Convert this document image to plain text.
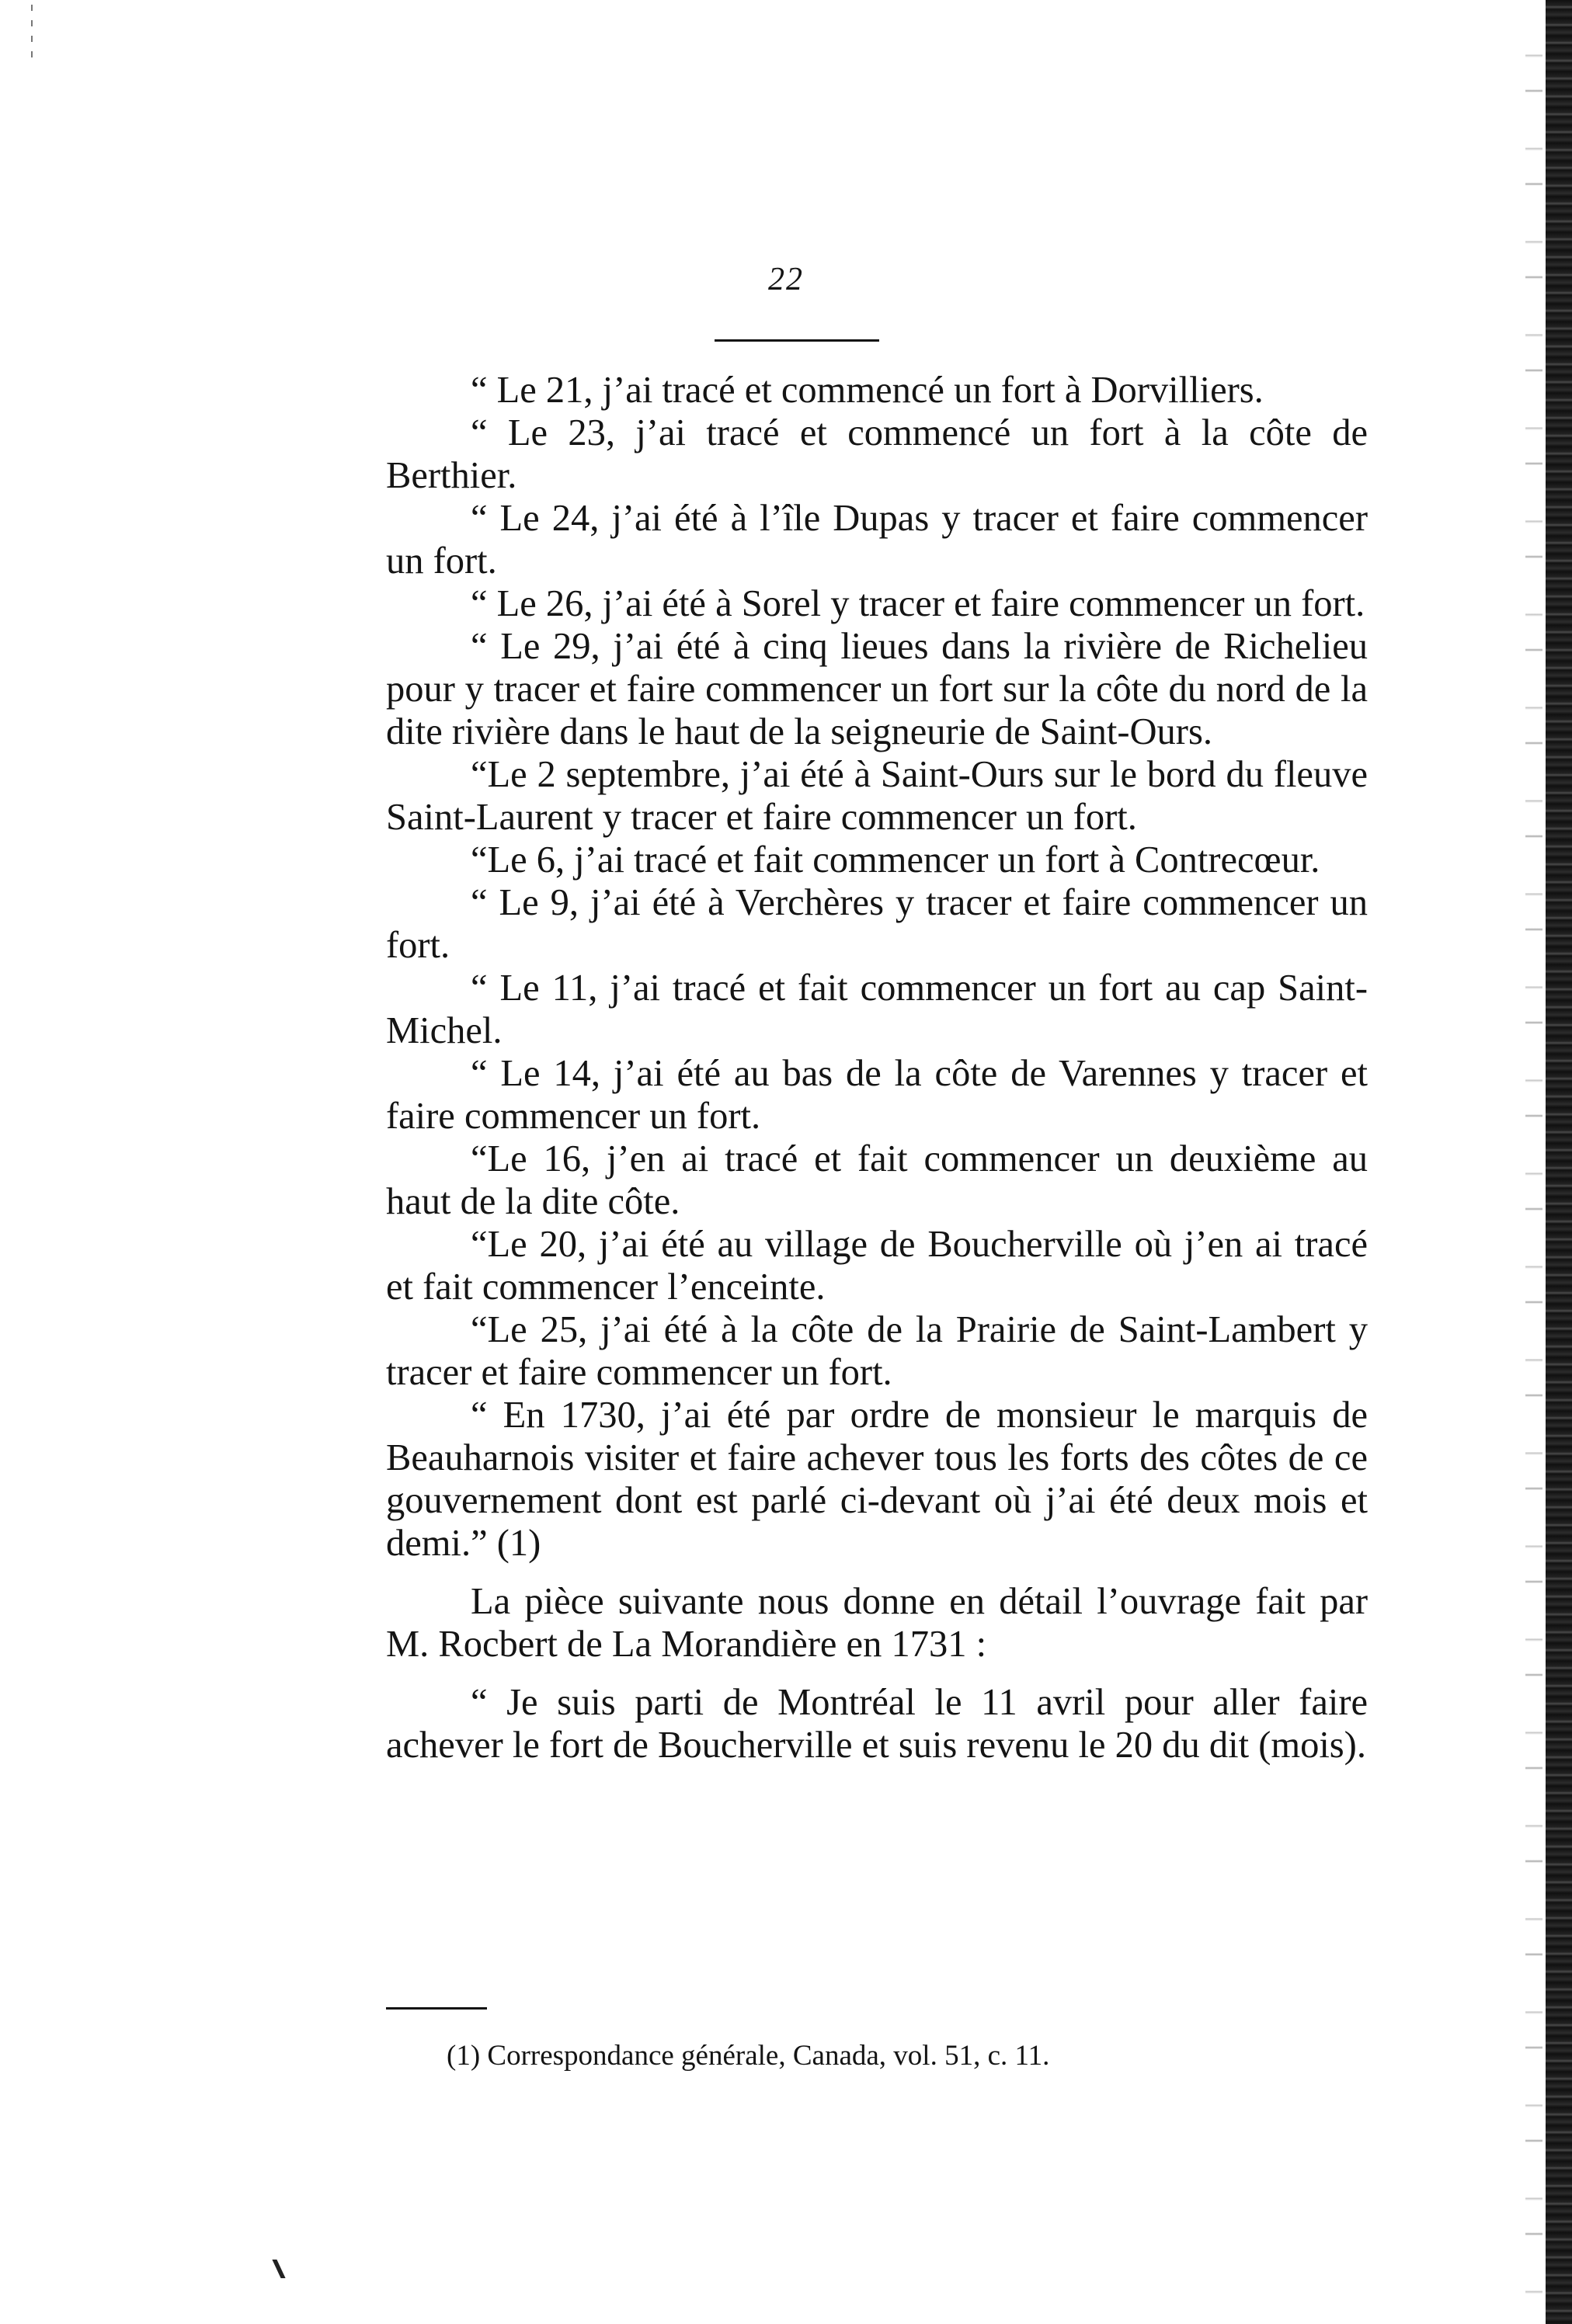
22

“ Le 21, j’ai tracé et commencé un fort à Dorvilliers.

“ Le 23, j’ai tracé et commencé un fort à la côte de Berthier.

“ Le 24, j’ai été à l’île Dupas y tracer et faire commencer un fort.

“ Le 26, j’ai été à Sorel y tracer et faire commencer un fort.

“ Le 29, j’ai été à cinq lieues dans la rivière de Richelieu pour y tracer et faire commencer un fort sur la côte du nord de la dite rivière dans le haut de la seigneurie de Saint-Ours.

“Le 2 septembre, j’ai été à Saint-Ours sur le bord du fleuve Saint-Laurent y tracer et faire commencer un fort.

“Le 6, j’ai tracé et fait commencer un fort à Contrecœur.

“ Le 9, j’ai été à Verchères y tracer et faire commencer un fort.

“ Le 11, j’ai tracé et fait commencer un fort au cap Saint-Michel.

“ Le 14, j’ai été au bas de la côte de Varennes y tracer et faire commencer un fort.

“Le 16, j’en ai tracé et fait commencer un deuxième au haut de la dite côte.

“Le 20, j’ai été au village de Boucherville où j’en ai tracé et fait commencer l’enceinte.

“Le 25, j’ai été à la côte de la Prairie de Saint-Lambert y tracer et faire commencer un fort.

“ En 1730, j’ai été par ordre de monsieur le marquis de Beauharnois visiter et faire achever tous les forts des côtes de ce gouvernement dont est parlé ci-devant où j’ai été deux mois et demi.” (1)

La pièce suivante nous donne en détail l’ouvrage fait par M. Rocbert de La Morandière en 1731 :

“ Je suis parti de Montréal le 11 avril pour aller faire achever le fort de Boucherville et suis revenu le 20 du dit (mois).

(1) Correspondance générale, Canada, vol. 51, c. 11.
